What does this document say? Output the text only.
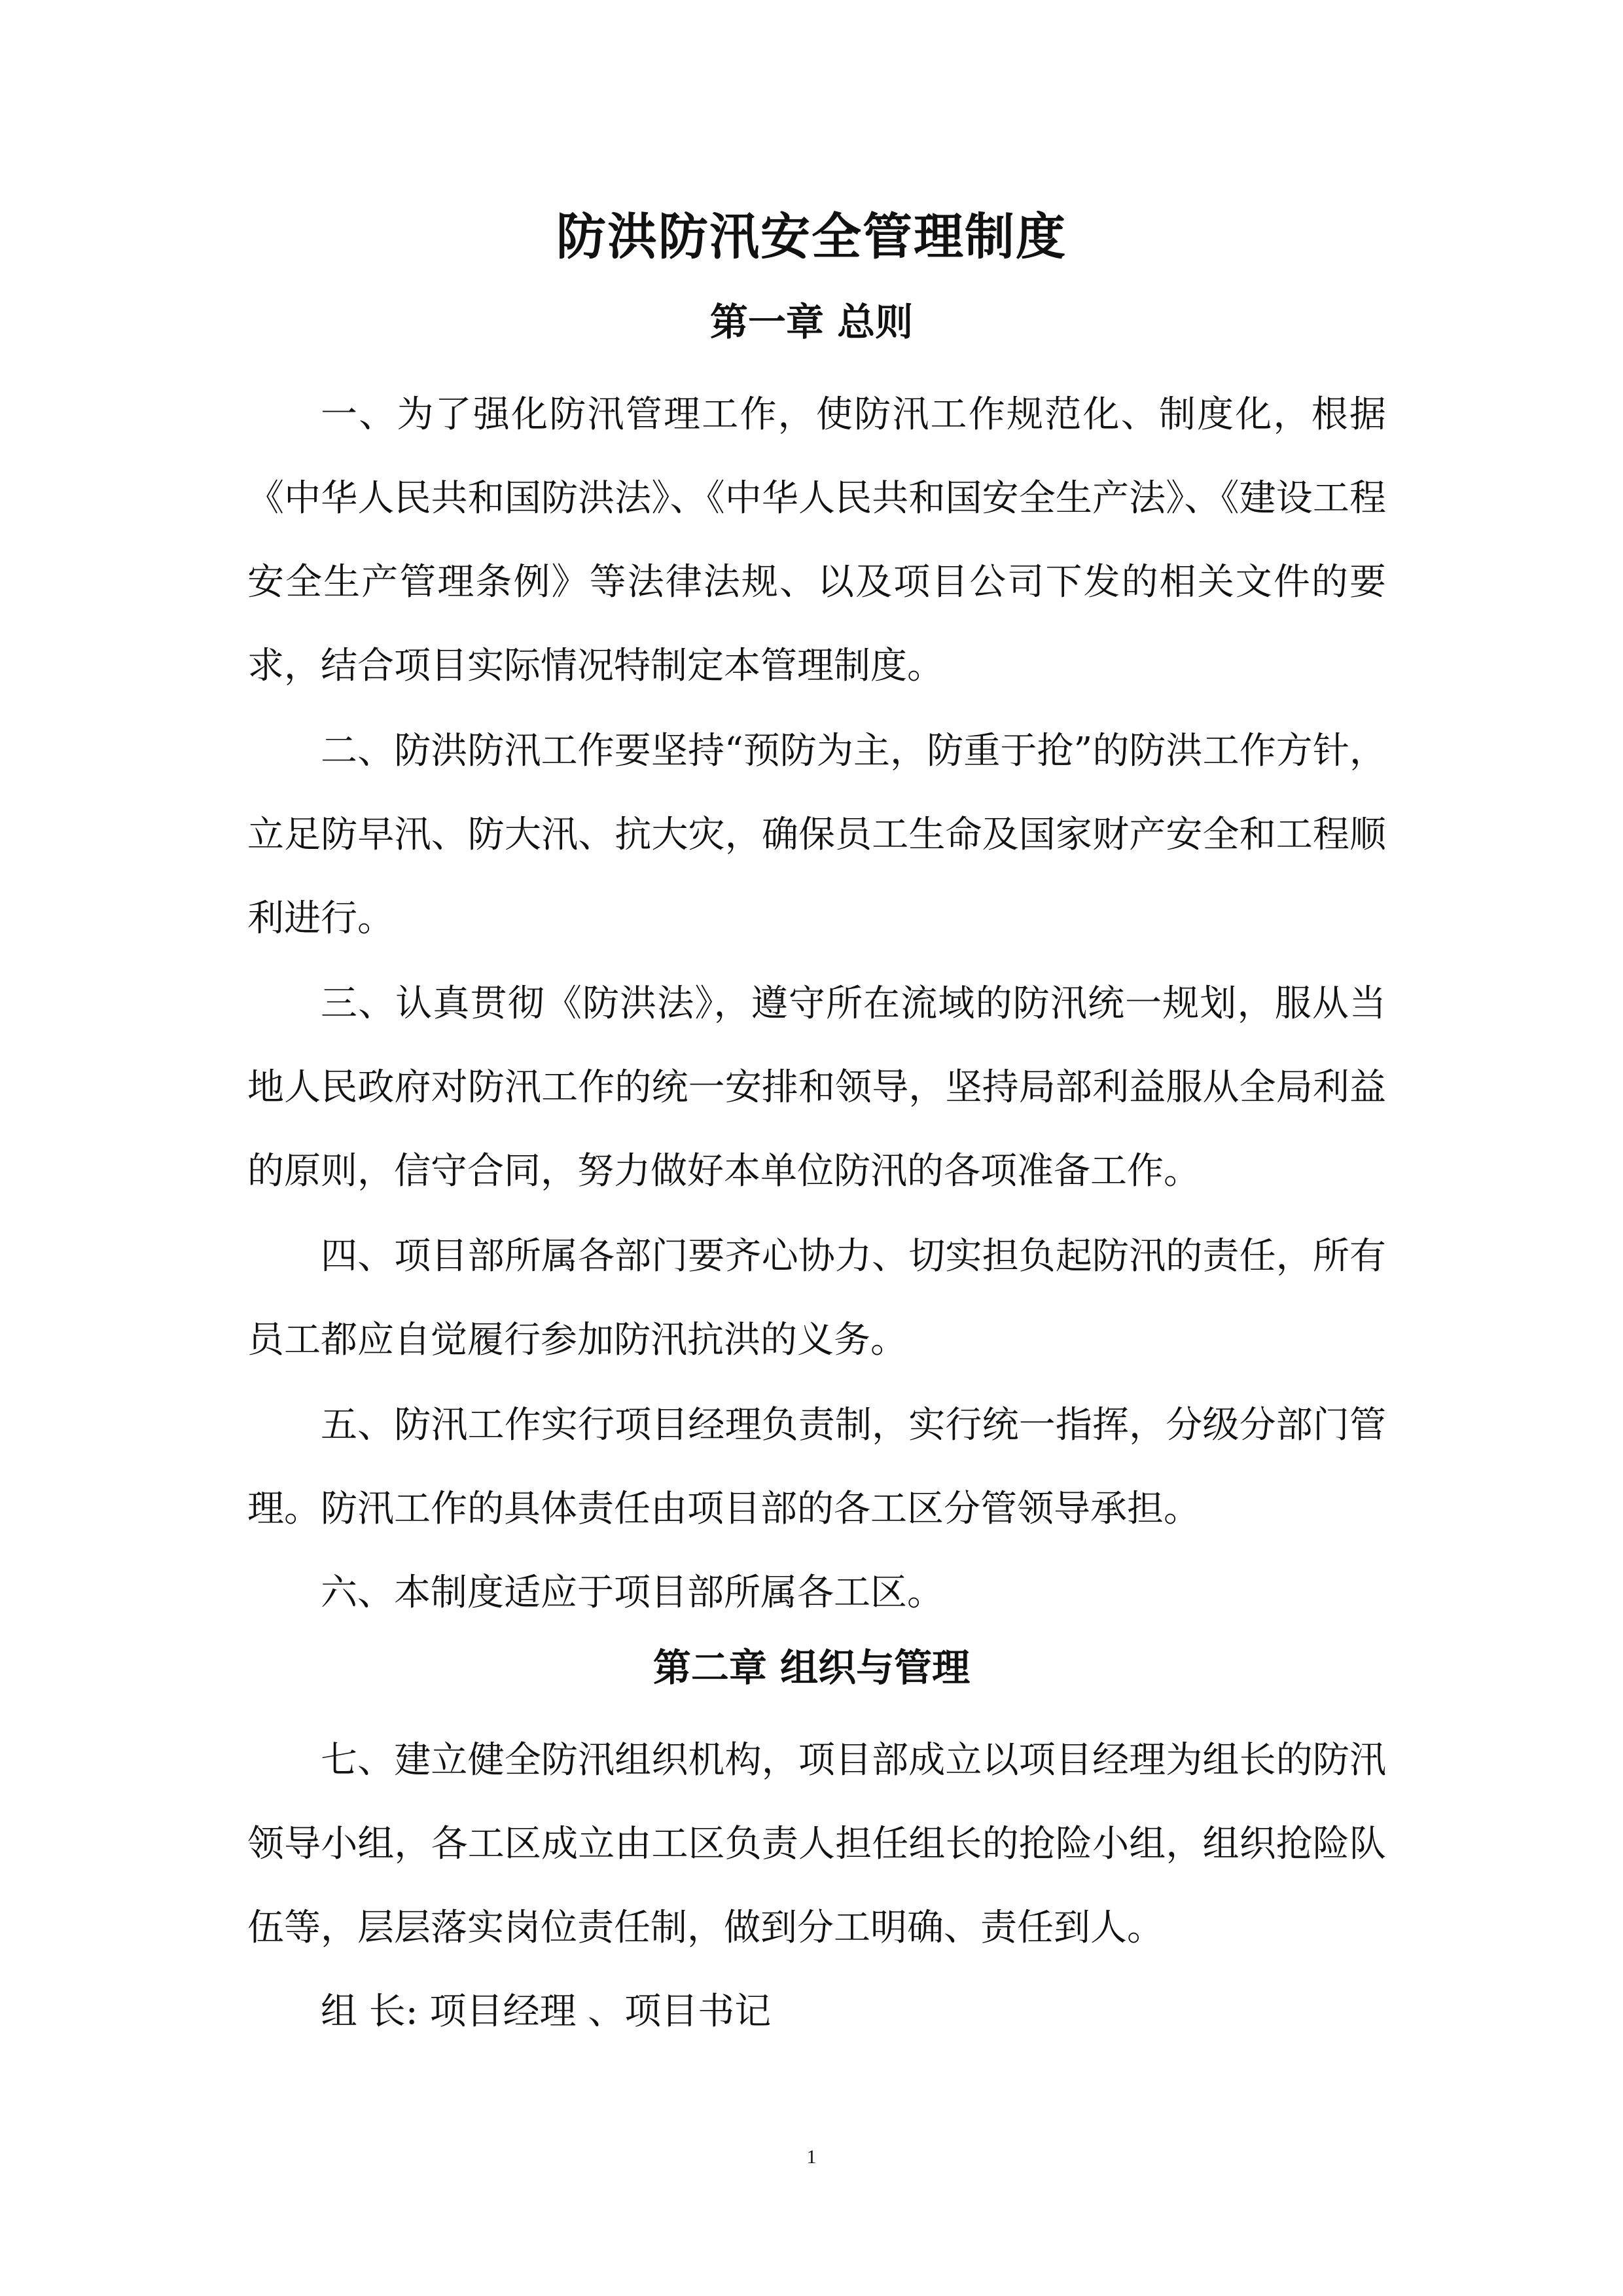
防洪防汛安全管理制度
第一章 总则

一、为了强化防汛管理工作，使防汛工作规范化、制度化，根据《中华人民共和国防洪法》、《中华人民共和国安全生产法》、《建设工程安全生产管理条例》等法律法规、以及项目公司下发的相关文件的要求，结合项目实际情况特制定本管理制度。

二、防洪防汛工作要坚持“预防为主，防重于抢”的防洪工作方针，立足防早汛、防大汛、抗大灾，确保员工生命及国家财产安全和工程顺利进行。

三、认真贯彻《防洪法》，遵守所在流域的防汛统一规划，服从当地人民政府对防汛工作的统一安排和领导，坚持局部利益服从全局利益的原则，信守合同，努力做好本单位防汛的各项准备工作。

四、项目部所属各部门要齐心协力、切实担负起防汛的责任，所有员工都应自觉履行参加防汛抗洪的义务。

五、防汛工作实行项目经理负责制，实行统一指挥，分级分部门管理。防汛工作的具体责任由项目部的各工区分管领导承担。

六、本制度适应于项目部所属各工区。

第二章 组织与管理

七、建立健全防汛组织机构，项目部成立以项目经理为组长的防汛领导小组，各工区成立由工区负责人担任组长的抢险小组，组织抢险队伍等，层层落实岗位责任制，做到分工明确、责任到人。

组 长: 项目经理 、项目书记

1
